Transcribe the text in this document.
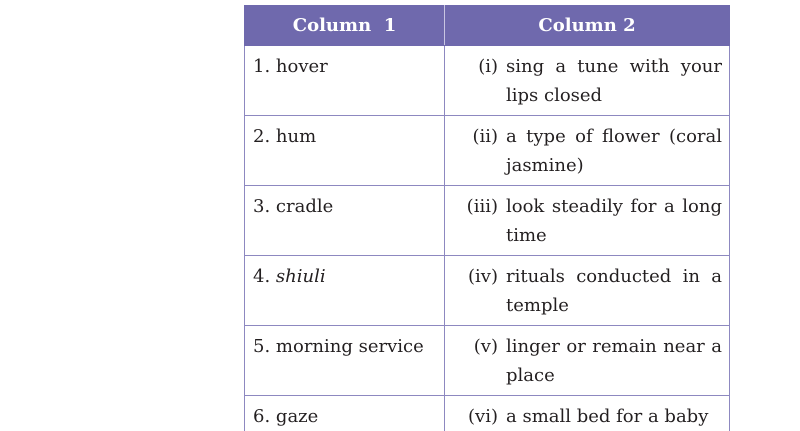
Column  1	Column 2

1. hover	(i) sing a tune with your lips closed

2. hum	(ii) a type of flower (coral jasmine)

3. cradle	(iii) look steadily for a long time

4. shiuli	(iv) rituals conducted in a temple

5. morning service	(v) linger or remain near a place

6. gaze	(vi) a small bed for a baby
